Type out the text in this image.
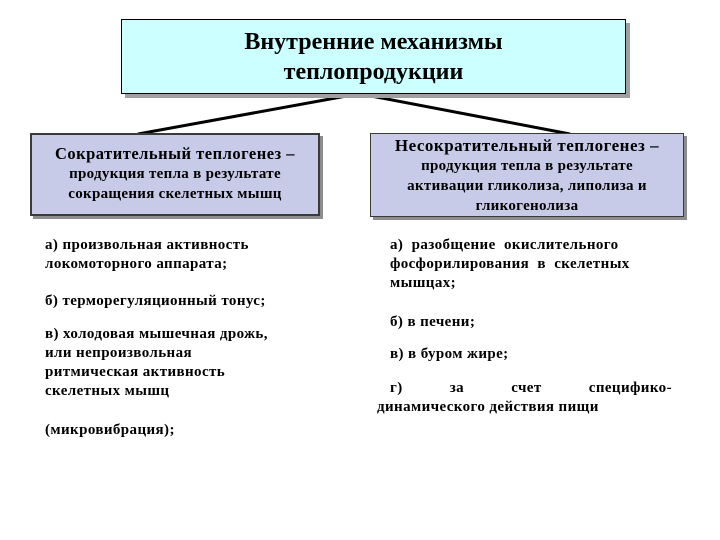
Внутренние механизмы
теплопродукции
Сократительный теплогенез –
продукция тепла в результате
сокращения скелетных мышц
Несократительный теплогенез –
продукция тепла в результате
активации гликолиза, липолиза и
гликогенолиза
а) произвольная активность
локомоторного аппарата;
б) терморегуляционный тонус;
в) холодовая мышечная дрожь,
или непроизвольная
ритмическая активность
скелетных мышц
(микровибрация);
а)  разобщение  окислительного
фосфорилирования  в  скелетных
мышцах;
б) в печени;
в) в буром жире;
г)	за	счет	специфико-
динамического действия пищи
